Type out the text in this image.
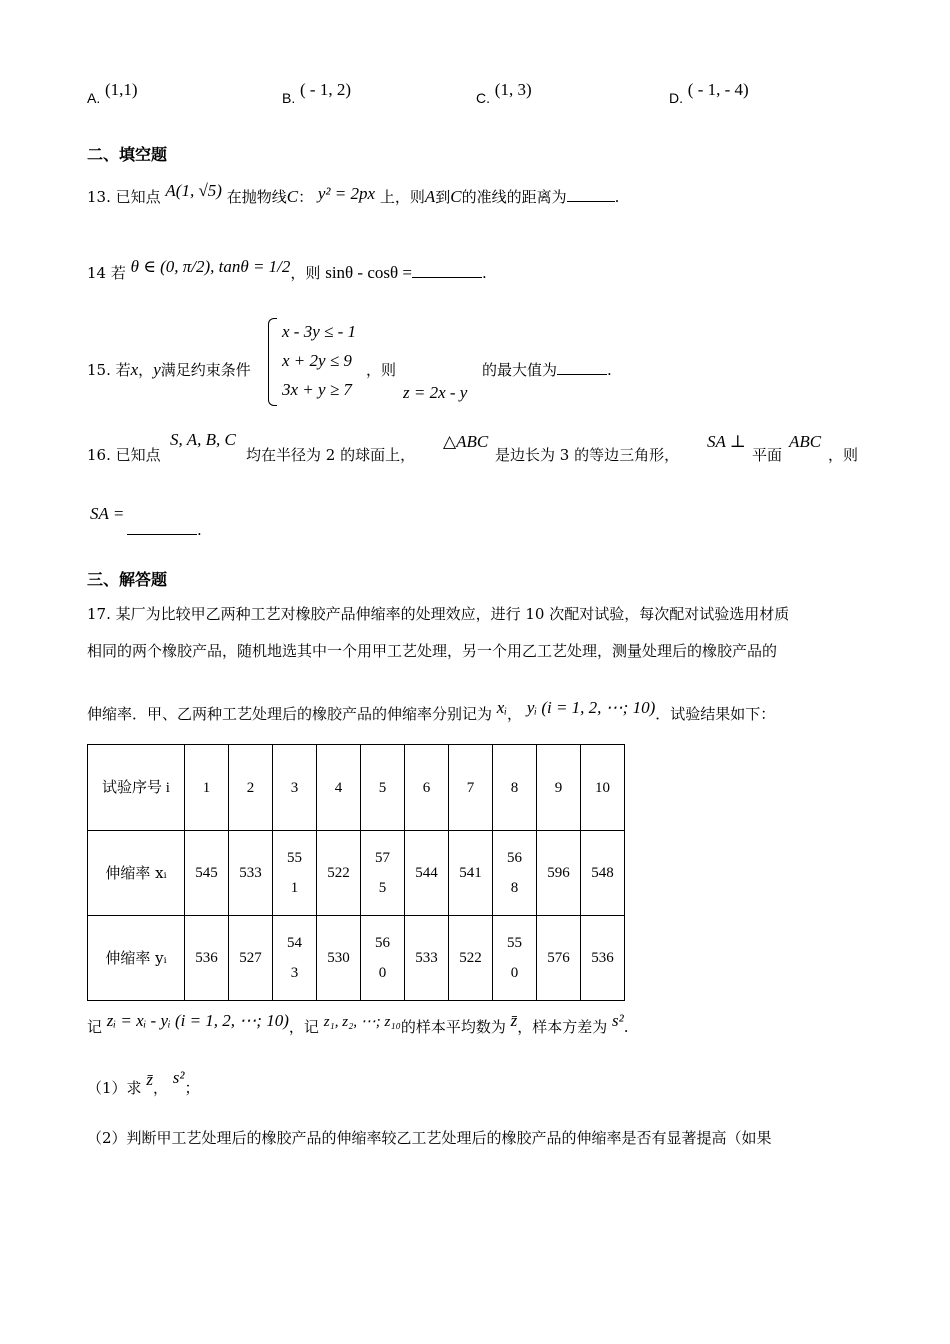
A. (1,1)	B. ( - 1, 2)	C. (1, 3)	D. ( - 1, - 4)
二、填空题
13. 已知点 A(1, √5) 在抛物线C： y² = 2px 上，则A到C的准线的距离为	.
14 若 θ ∈ (0, π/2), tanθ = 1/2，则 sinθ - cosθ =	.
15. 若x，y满足约束条件
x - 3y ≤ - 1
x + 2y ≤ 9
3x + y ≥ 7
，则
z = 2x - y
的最大值为	.
16. 已知点
S, A, B, C
均在半径为 2 的球面上，
△ABC
是边长为 3 的等边三角形，
SA ⊥
平面
ABC
，则
SA =
.
三、解答题
17. 某厂为比较甲乙两种工艺对橡胶产品伸缩率的处理效应，进行 10 次配对试验，每次配对试验选用材质
相同的两个橡胶产品，随机地选其中一个用甲工艺处理，另一个用乙工艺处理，测量处理后的橡胶产品的
伸缩率．甲、乙两种工艺处理后的橡胶产品的伸缩率分别记为 xᵢ， yᵢ (i = 1, 2, ⋯; 10)．试验结果如下：
试验序号 i	1	2	3	4	5	6	7	8	9	10
伸缩率 xᵢ	545	533	551	522	575	544	541	568	596	548
伸缩率 yᵢ	536	527	543	530	560	533	522	550	576	536
记 zᵢ = xᵢ - yᵢ (i = 1, 2, ⋯; 10)，记 z₁, z₂, ⋯; z₁₀的样本平均数为 z̄，样本方差为 s².
（1）求 z̄， s²；
（2）判断甲工艺处理后的橡胶产品的伸缩率较乙工艺处理后的橡胶产品的伸缩率是否有显著提高（如果
